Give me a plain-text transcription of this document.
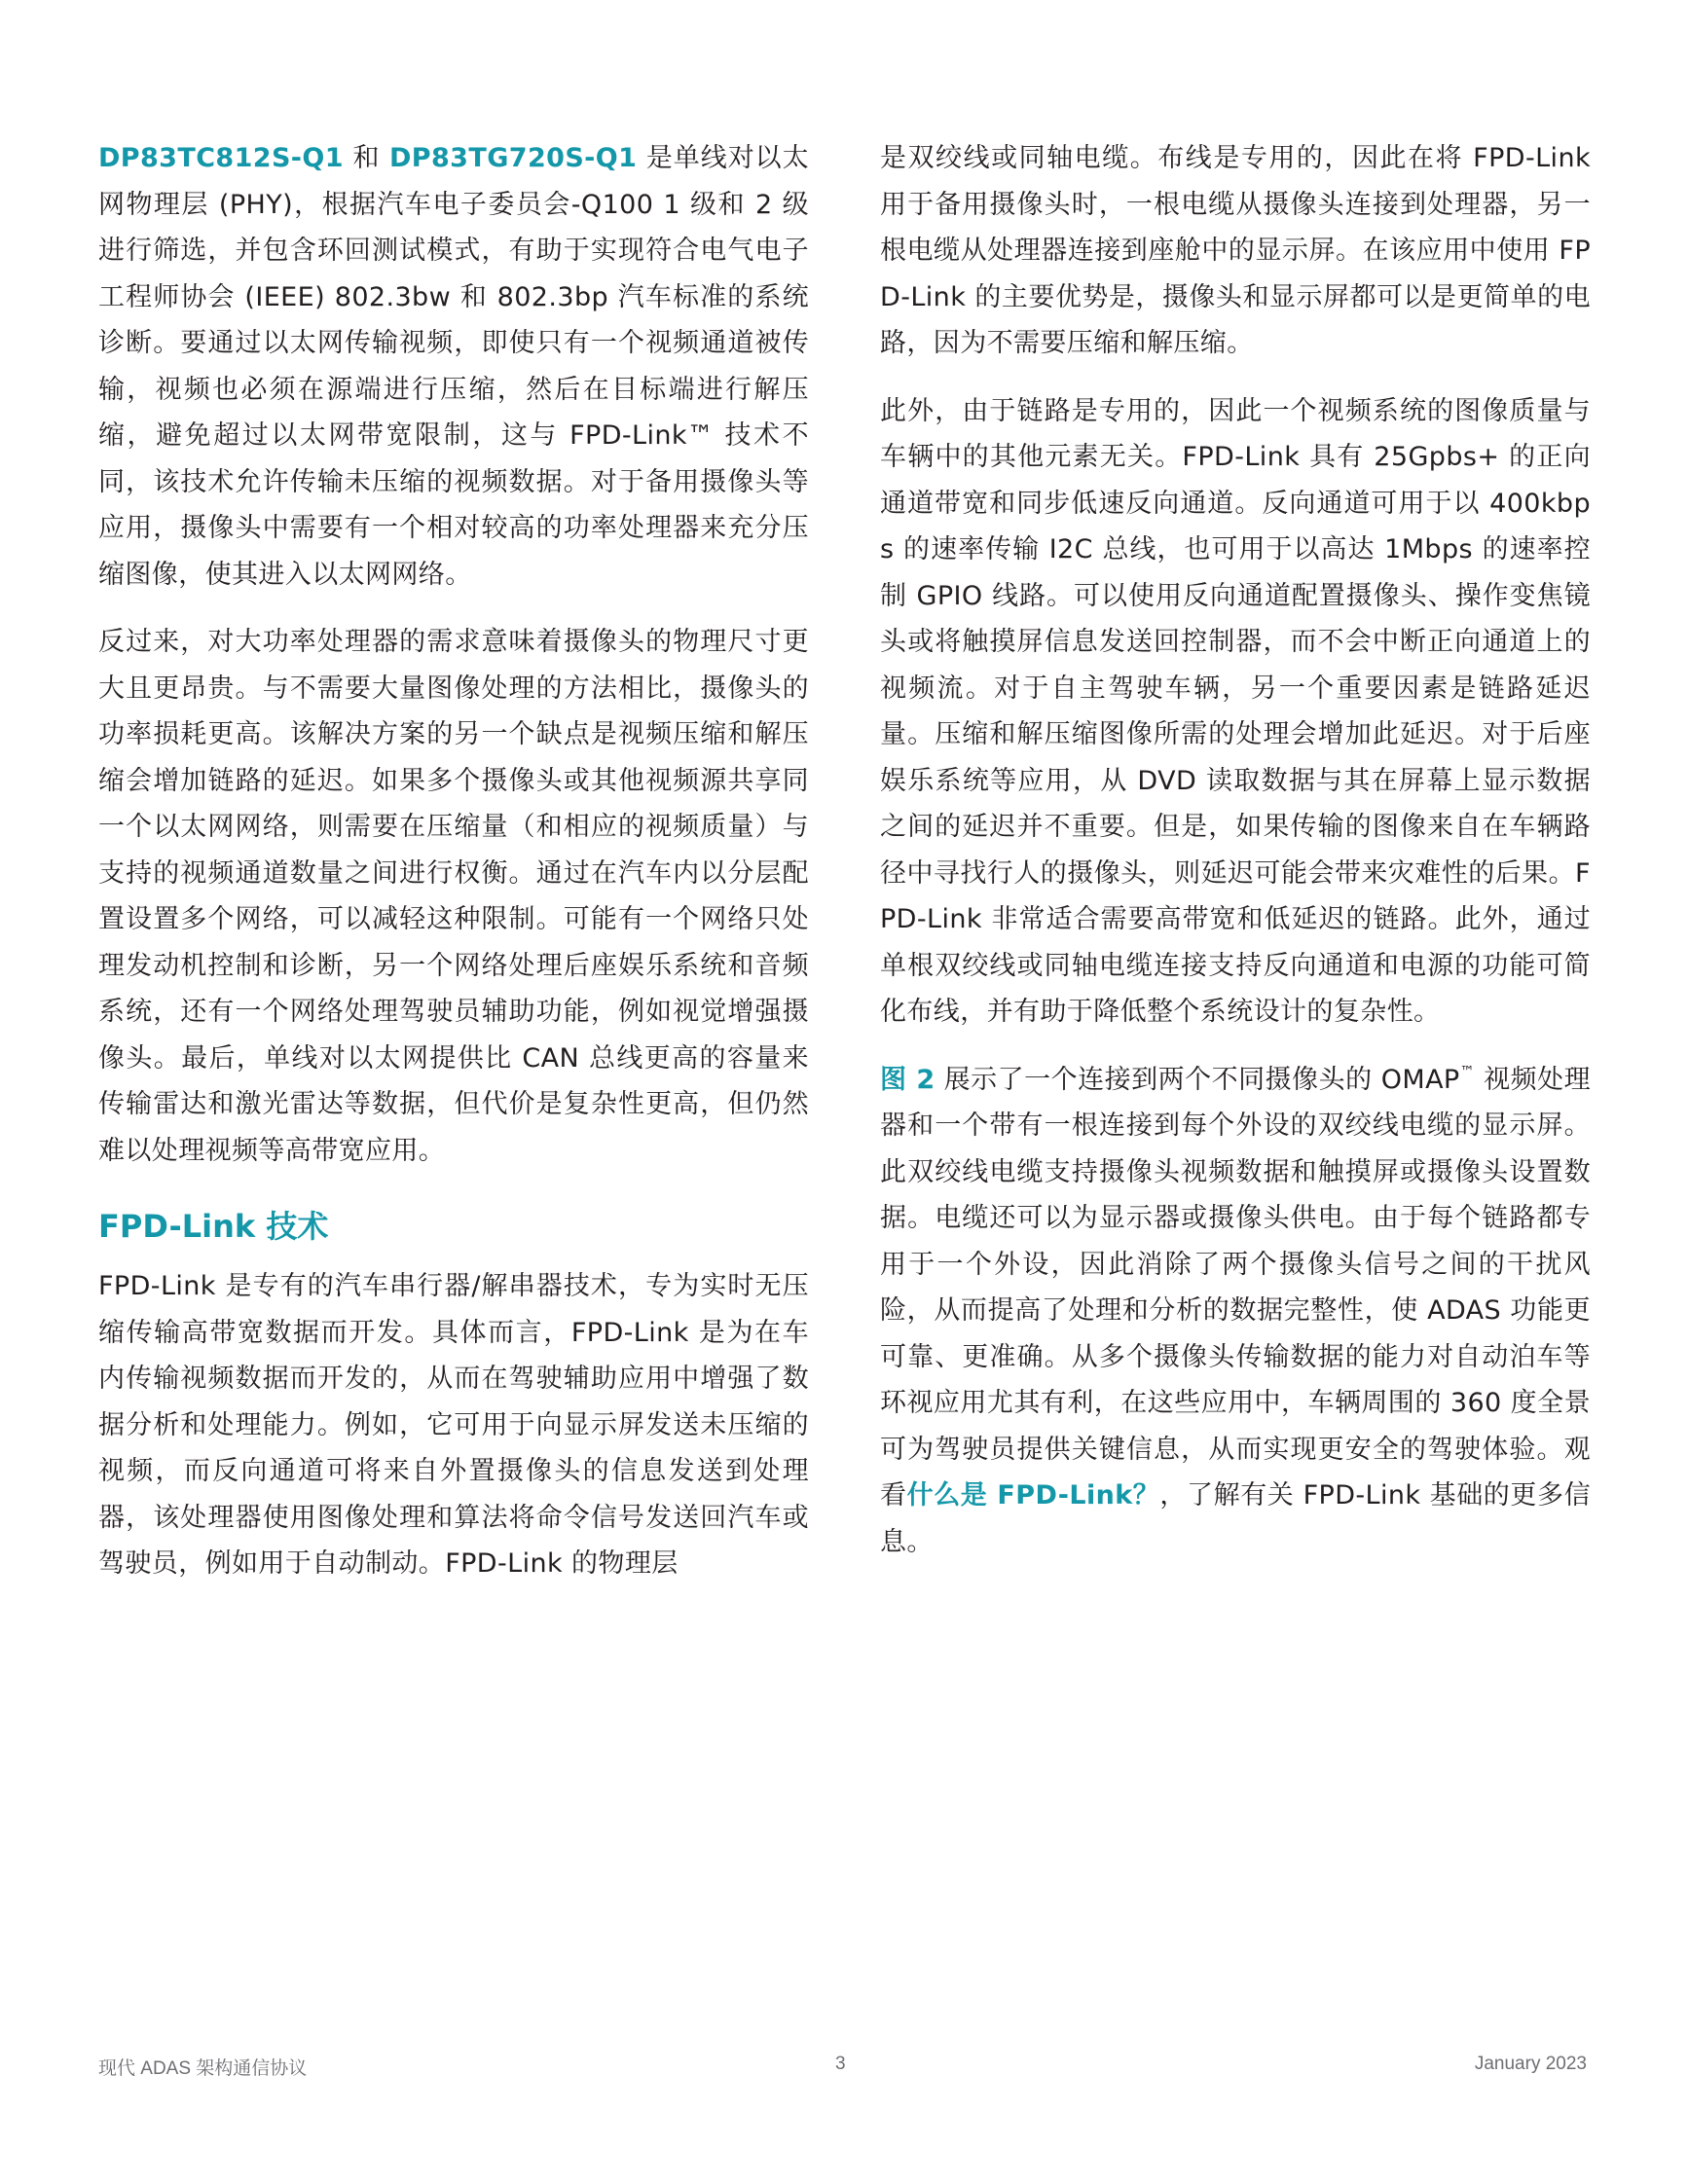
DP83TC812S-Q1 和 DP83TG720S-Q1 是单线对以太网物理层 (PHY)，根据汽车电子委员会-Q100 1 级和 2 级进行筛选，并包含环回测试模式，有助于实现符合电气电子工程师协会 (IEEE) 802.3bw 和 802.3bp 汽车标准的系统诊断。要通过以太网传输视频，即使只有一个视频通道被传输，视频也必须在源端进行压缩，然后在目标端进行解压缩，避免超过以太网带宽限制，这与 FPD-Link™ 技术不同，该技术允许传输未压缩的视频数据。对于备用摄像头等应用，摄像头中需要有一个相对较高的功率处理器来充分压缩图像，使其进入以太网网络。

反过来，对大功率处理器的需求意味着摄像头的物理尺寸更大且更昂贵。与不需要大量图像处理的方法相比，摄像头的功率损耗更高。该解决方案的另一个缺点是视频压缩和解压缩会增加链路的延迟。如果多个摄像头或其他视频源共享同一个以太网网络，则需要在压缩量（和相应的视频质量）与支持的视频通道数量之间进行权衡。通过在汽车内以分层配置设置多个网络，可以减轻这种限制。可能有一个网络只处理发动机控制和诊断，另一个网络处理后座娱乐系统和音频系统，还有一个网络处理驾驶员辅助功能，例如视觉增强摄像头。最后，单线对以太网提供比 CAN 总线更高的容量来传输雷达和激光雷达等数据，但代价是复杂性更高，但仍然难以处理视频等高带宽应用。

FPD-Link 技术

FPD-Link 是专有的汽车串行器/解串器技术，专为实时无压缩传输高带宽数据而开发。具体而言，FPD-Link 是为在车内传输视频数据而开发的，从而在驾驶辅助应用中增强了数据分析和处理能力。例如，它可用于向显示屏发送未压缩的视频，而反向通道可将来自外置摄像头的信息发送到处理器，该处理器使用图像处理和算法将命令信号发送回汽车或驾驶员，例如用于自动制动。FPD-Link 的物理层

是双绞线或同轴电缆。布线是专用的，因此在将 FPD-Link 用于备用摄像头时，一根电缆从摄像头连接到处理器，另一根电缆从处理器连接到座舱中的显示屏。在该应用中使用 FPD-Link 的主要优势是，摄像头和显示屏都可以是更简单的电路，因为不需要压缩和解压缩。

此外，由于链路是专用的，因此一个视频系统的图像质量与车辆中的其他元素无关。FPD-Link 具有 25Gpbs+ 的正向通道带宽和同步低速反向通道。反向通道可用于以 400kbps 的速率传输 I2C 总线，也可用于以高达 1Mbps 的速率控制 GPIO 线路。可以使用反向通道配置摄像头、操作变焦镜头或将触摸屏信息发送回控制器，而不会中断正向通道上的视频流。对于自主驾驶车辆，另一个重要因素是链路延迟量。压缩和解压缩图像所需的处理会增加此延迟。对于后座娱乐系统等应用，从 DVD 读取数据与其在屏幕上显示数据之间的延迟并不重要。但是，如果传输的图像来自在车辆路径中寻找行人的摄像头，则延迟可能会带来灾难性的后果。FPD-Link 非常适合需要高带宽和低延迟的链路。此外，通过单根双绞线或同轴电缆连接支持反向通道和电源的功能可简化布线，并有助于降低整个系统设计的复杂性。

图 2 展示了一个连接到两个不同摄像头的 OMAP™ 视频处理器和一个带有一根连接到每个外设的双绞线电缆的显示屏。此双绞线电缆支持摄像头视频数据和触摸屏或摄像头设置数据。电缆还可以为显示器或摄像头供电。由于每个链路都专用于一个外设，因此消除了两个摄像头信号之间的干扰风险，从而提高了处理和分析的数据完整性，使 ADAS 功能更可靠、更准确。从多个摄像头传输数据的能力对自动泊车等环视应用尤其有利，在这些应用中，车辆周围的 360 度全景可为驾驶员提供关键信息，从而实现更安全的驾驶体验。观看什么是 FPD-Link？，了解有关 FPD-Link 基础的更多信息。

现代 ADAS 架构通信协议	3	January 2023
